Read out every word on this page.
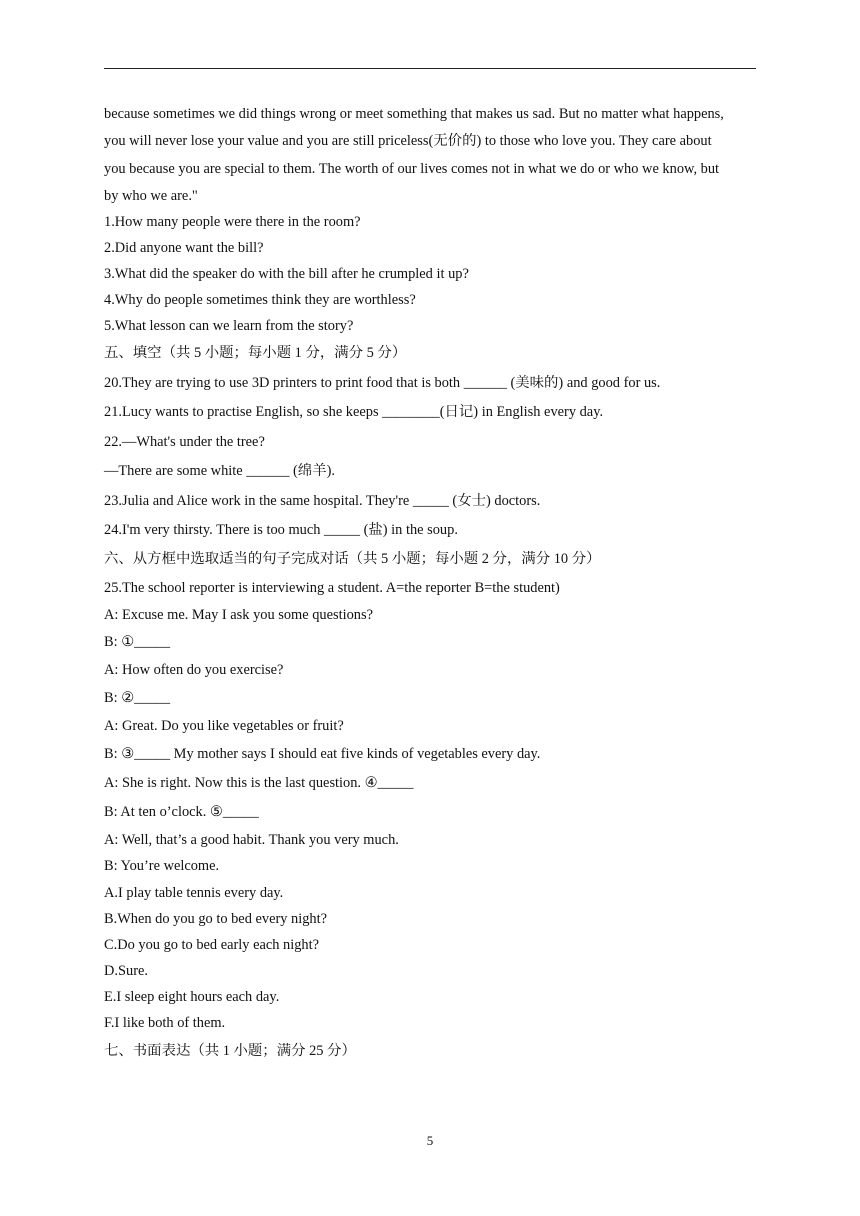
because sometimes we did things wrong or meet something that makes us sad. But no matter what happens,
you will never lose your value and you are still priceless(无价的) to those who love you. They care about
you because you are special to them. The worth of our lives comes not in what we do or who we know, but
by who we are."
1.How many people were there in the room?
2.Did anyone want the bill?
3.What did the speaker do with the bill after he crumpled it up?
4.Why do people sometimes think they are worthless?
5.What lesson can we learn from the story?
五、填空（共 5 小题；每小题 1 分，满分 5 分）
20.They are trying to use 3D printers to print food that is both ______ (美味的) and good for us.
21.Lucy wants to practise English, so she keeps ________(日记) in English every day.
22.—What's under the tree?
—There are some white ______ (绵羊).
23.Julia and Alice work in the same hospital. They're _____ (女士) doctors.
24.I'm very thirsty. There is too much _____ (盐) in the soup.
六、从方框中选取适当的句子完成对话（共 5 小题；每小题 2 分，满分 10 分）
25.The school reporter is interviewing a student. A=the reporter B=the student)
A: Excuse me. May I ask you some questions?
B: ①_____
A: How often do you exercise?
B: ②_____
A: Great. Do you like vegetables or fruit?
B: ③_____ My mother says I should eat five kinds of vegetables every day.
A: She is right. Now this is the last question. ④_____
B: At ten o’clock. ⑤_____
A: Well, that’s a good habit. Thank you very much.
B: You’re welcome.
A.I play table tennis every day.
B.When do you go to bed every night?
C.Do you go to bed early each night?
D.Sure.
E.I sleep eight hours each day.
F.I like both of them.
七、书面表达（共 1 小题；满分 25 分）
5
